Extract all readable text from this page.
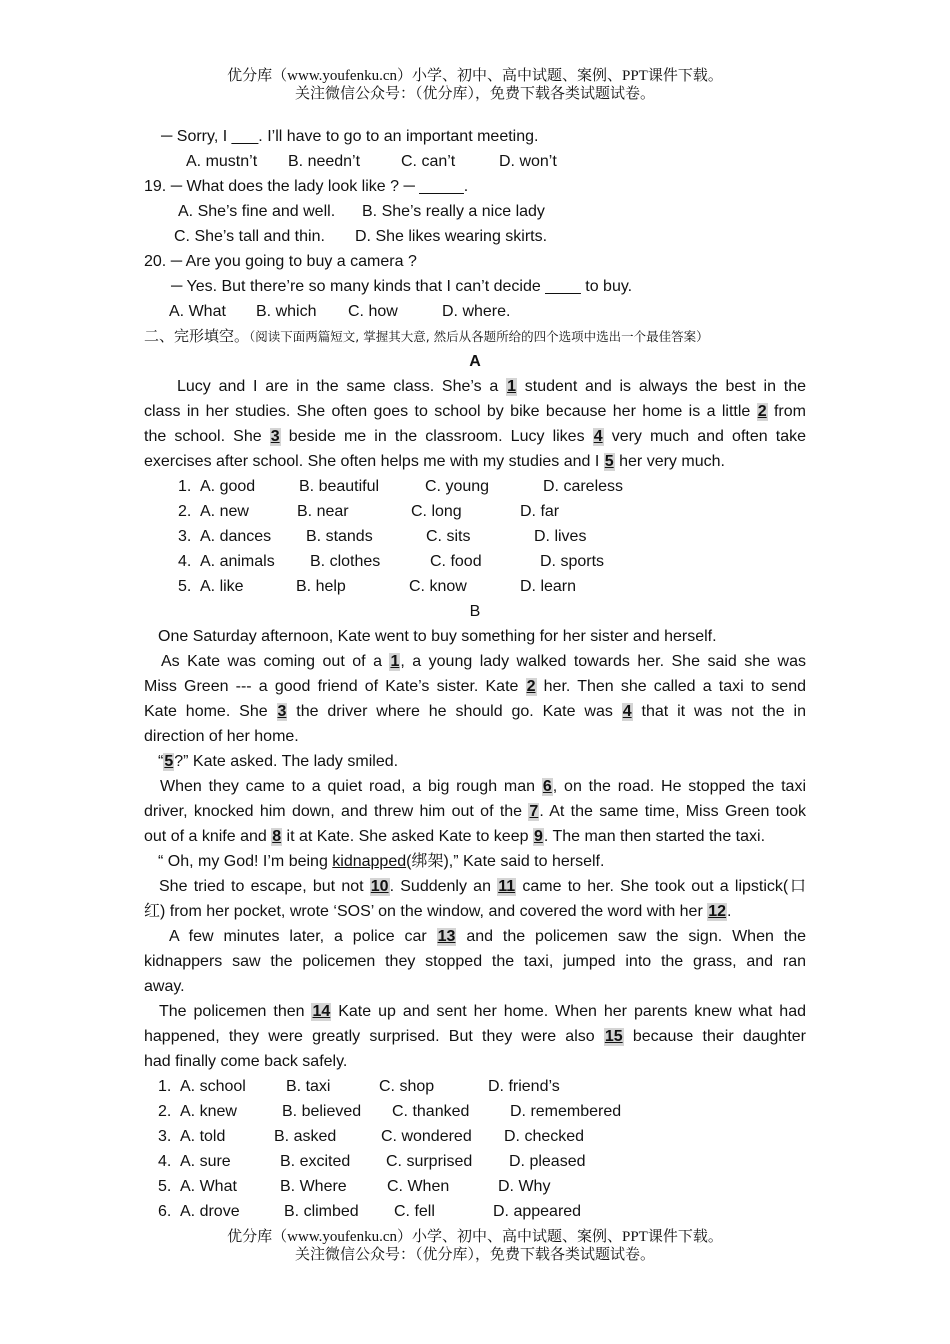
优分库（www.youfenku.cn）小学、初中、高中试题、案例、PPT课件下载。
关注微信公众号：（优分库），免费下载各类试题试卷。
─ Sorry, I ___. I’ll have to go to an important meeting.
A. mustn’t B. needn’t	C. can’t	D. won’t
19. ─ What does the lady look like ? ─ _____.
A. She’s fine and well. B. She’s really a nice lady
C. She’s tall and thin. D. She likes wearing skirts.
20. ─ Are you going to buy a camera ?
─ Yes. But there’re so many kinds that I can’t decide ____ to buy.
A. What B. which C. how	D. where.
二、完形填空。（阅读下面两篇短文, 掌握其大意, 然后从各题所给的四个选项中选出一个最佳答案）
A
Lucy and I are in the same class. She’s a 1 student and is always the best in the
class in her studies. She often goes to school by bike because her home is a little 2 from
the school. She 3 beside me in the classroom. Lucy likes 4 very much and often take
exercises after school. She often helps me with my studies and I 5 her very much.
1. A. good	B. beautiful	C. young	D. careless
2. A. new	B. near	C. long	D. far
3. A. dances B. stands	C. sits	D. lives
4. A. animals B. clothes	C. food	D. sports
5. A. like	B. help	C. know	D. learn
B
One Saturday afternoon, Kate went to buy something for her sister and herself.
As Kate was coming out of a 1, a young lady walked towards her. She said she was
Miss Green --- a good friend of Kate’s sister. Kate 2 her. Then she called a taxi to send
Kate home. She 3 the driver where he should go. Kate was 4 that it was not the in
direction of her home.
“5?” Kate asked. The lady smiled.
When they came to a quiet road, a big rough man 6, on the road. He stopped the taxi
driver, knocked him down, and threw him out of the 7. At the same time, Miss Green took
out of a knife and 8 it at Kate. She asked Kate to keep 9. The man then started the taxi.
“ Oh, my God! I’m being kidnapped(绑架),” Kate said to herself.
She tried to escape, but not 10. Suddenly an 11 came to her. She took out a lipstick(口
红) from her pocket, wrote ‘SOS’ on the window, and covered the word with her 12.
A few minutes later, a police car 13 and the policemen saw the sign. When the
kidnappers saw the policemen they stopped the taxi, jumped into the grass, and ran
away.
The policemen then 14 Kate up and sent her home. When her parents knew what had
happened, they were greatly surprised. But they were also 15 because their daughter
had finally come back safely.
1. A. school	B. taxi	C. shop	D. friend’s
2. A. knew	B. believed C. thanked	D. remembered
3. A. told	B. asked	C. wondered D. checked
4. A. sure	B. excited C. surprised D. pleased
5. A. What	B. Where	C. When	D. Why
6. A. drove	B. climbed C. fell	D. appeared
优分库（www.youfenku.cn）小学、初中、高中试题、案例、PPT课件下载。
关注微信公众号：（优分库），免费下载各类试题试卷。
